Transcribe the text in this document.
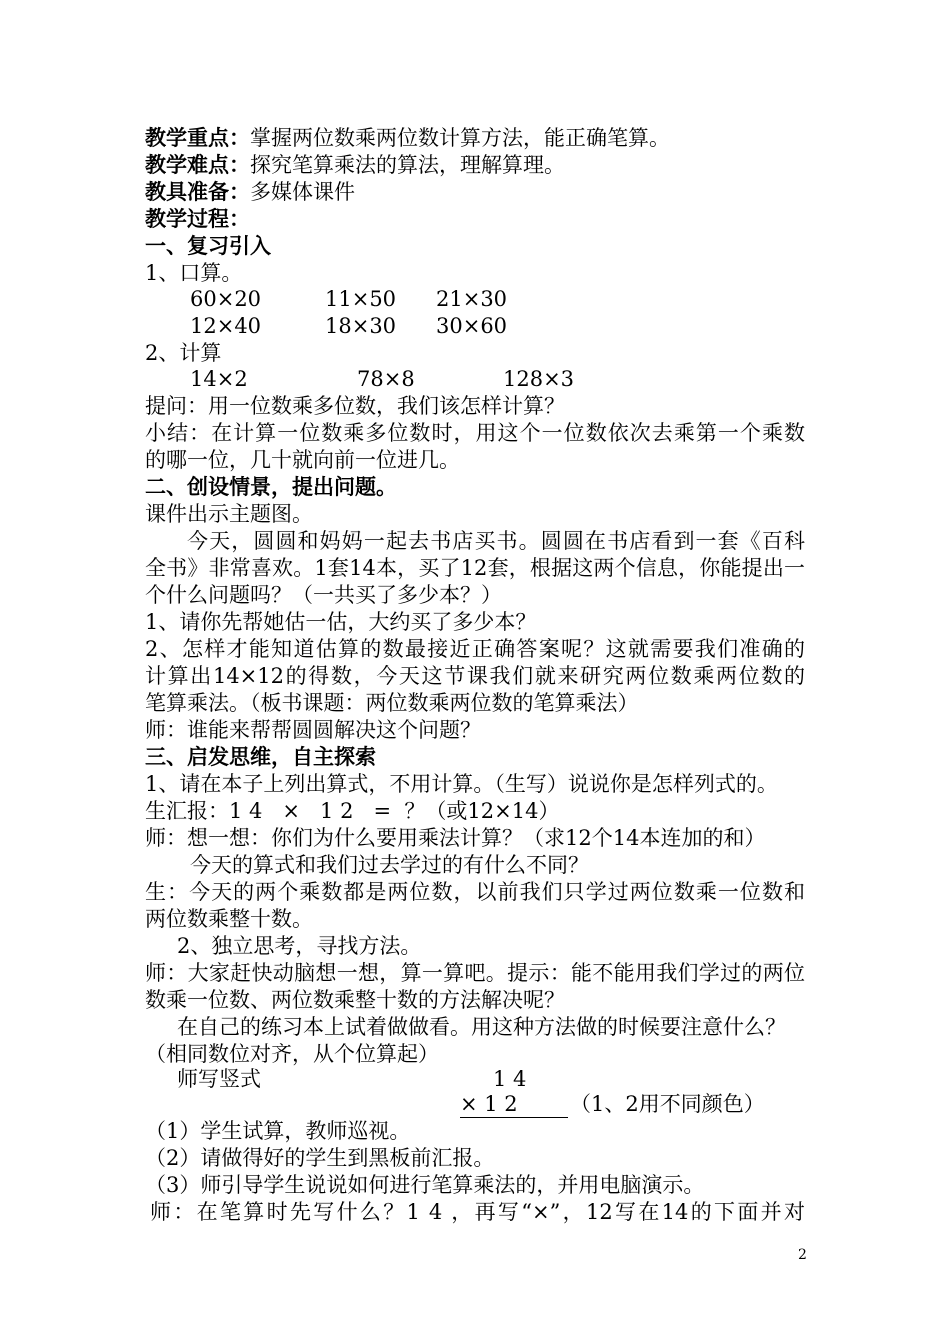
教学重点：掌握两位数乘两位数计算方法，能正确笔算。
教学难点：探究笔算乘法的算法，理解算理。
教具准备：多媒体课件
教学过程：
一、复习引入
1、口算。
60×20	11×50 21×30
12×40	18×30 30×60
2、计算
14×2	78×8	128×3
提问：用一位数乘多位数，我们该怎样计算？
小结：在计算一位数乘多位数时，用这个一位数依次去乘第一个乘数
的哪一位，几十就向前一位进几。
二、创设情景，提出问题。
课件出示主题图。
今天，圆圆和妈妈一起去书店买书。圆圆在书店看到一套《百科
全书》非常喜欢。1套14本，买了12套，根据这两个信息，你能提出一
个什么问题吗？（一共买了多少本？）
1、请你先帮她估一估，大约买了多少本？
2、怎样才能知道估算的数最接近正确答案呢？这就需要我们准确的
计算出14×12的得数，今天这节课我们就来研究两位数乘两位数的
笔算乘法。（板书课题：两位数乘两位数的笔算乘法）
师：谁能来帮帮圆圆解决这个问题？
三、启发思维，自主探索
1、请在本子上列出算式，不用计算。（生写）说说你是怎样列式的。
生汇报：1 4   ×   1 2   =  ？（或12×14）
师：想一想：你们为什么要用乘法计算？（求12个14本连加的和）
今天的算式和我们过去学过的有什么不同？
生：今天的两个乘数都是两位数，以前我们只学过两位数乘一位数和
两位数乘整十数。
2、独立思考，寻找方法。
师：大家赶快动脑想一想，算一算吧。提示：能不能用我们学过的两位
数乘一位数、两位数乘整十数的方法解决呢？
在自己的练习本上试着做做看。用这种方法做的时候要注意什么？
（相同数位对齐，从个位算起）
师写竖式	1 4
× 1 2	（1、2用不同颜色）
（1）学生试算，教师巡视。
（2）请做得好的学生到黑板前汇报。
（3）师引导学生说说如何进行笔算乘法的，并用电脑演示。
师：在笔算时先写什么？1 4 ，再写“×”，12写在14的下面并对
2
